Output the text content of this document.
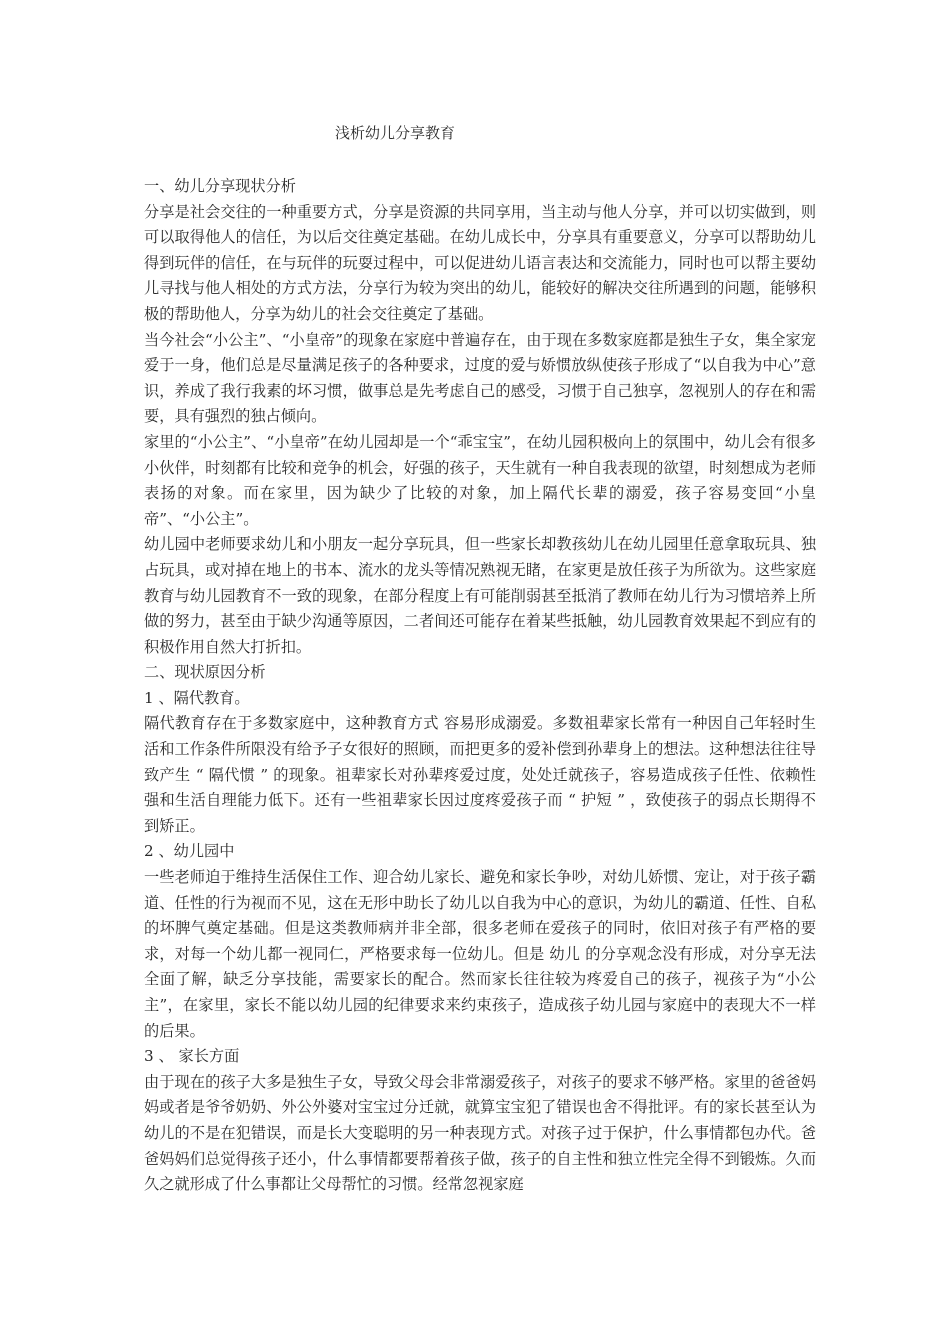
浅析幼儿分享教育

一、幼儿分享现状分析

分享是社会交往的一种重要方式，分享是资源的共同享用，当主动与他人分享，并可以切实做到，则可以取得他人的信任，为以后交往奠定基础。在幼儿成长中，分享具有重要意义，分享可以帮助幼儿得到玩伴的信任，在与玩伴的玩耍过程中，可以促进幼儿语言表达和交流能力，同时也可以帮主要幼儿寻找与他人相处的方式方法，分享行为较为突出的幼儿，能较好的解决交往所遇到的问题，能够积极的帮助他人，分享为幼儿的社会交往奠定了基础。

当今社会“小公主”、“小皇帝”的现象在家庭中普遍存在，由于现在多数家庭都是独生子女，集全家宠爱于一身，他们总是尽量满足孩子的各种要求，过度的爱与娇惯放纵使孩子形成了“以自我为中心”意识，养成了我行我素的坏习惯，做事总是先考虑自己的感受，习惯于自己独享，忽视别人的存在和需要，具有强烈的独占倾向。

家里的“小公主”、“小皇帝”在幼儿园却是一个“乖宝宝”，在幼儿园积极向上的氛围中，幼儿会有很多小伙伴，时刻都有比较和竞争的机会，好强的孩子，天生就有一种自我表现的欲望，时刻想成为老师表扬的对象。而在家里，因为缺少了比较的对象，加上隔代长辈的溺爱，孩子容易变回“小皇帝”、“小公主”。

幼儿园中老师要求幼儿和小朋友一起分享玩具，但一些家长却教孩幼儿在幼儿园里任意拿取玩具、独占玩具，或对掉在地上的书本、流水的龙头等情况熟视无睹，在家更是放任孩子为所欲为。这些家庭教育与幼儿园教育不一致的现象，在部分程度上有可能削弱甚至抵消了教师在幼儿行为习惯培养上所做的努力，甚至由于缺少沟通等原因，二者间还可能存在着某些抵触，幼儿园教育效果起不到应有的积极作用自然大打折扣。

二、现状原因分析

1 、隔代教育。

隔代教育存在于多数家庭中，这种教育方式 容易形成溺爱。多数祖辈家长常有一种因自己年轻时生活和工作条件所限没有给予子女很好的照顾，而把更多的爱补偿到孙辈身上的想法。这种想法往往导致产生 “ 隔代惯 ” 的现象。祖辈家长对孙辈疼爱过度，处处迁就孩子，容易造成孩子任性、依赖性强和生活自理能力低下。还有一些祖辈家长因过度疼爱孩子而 “ 护短 ” ，致使孩子的弱点长期得不到矫正。

2 、幼儿园中

一些老师迫于维持生活保住工作、迎合幼儿家长、避免和家长争吵，对幼儿娇惯、宠让，对于孩子霸道、任性的行为视而不见，这在无形中助长了幼儿以自我为中心的意识，为幼儿的霸道、任性、自私的坏脾气奠定基础。但是这类教师病并非全部，很多老师在爱孩子的同时，依旧对孩子有严格的要求，对每一个幼儿都一视同仁，严格要求每一位幼儿。但是 幼儿 的分享观念没有形成，对分享无法全面了解，缺乏分享技能，需要家长的配合。然而家长往往较为疼爱自己的孩子，视孩子为“小公主”，在家里，家长不能以幼儿园的纪律要求来约束孩子，造成孩子幼儿园与家庭中的表现大不一样的后果。

3 、 家长方面

由于现在的孩子大多是独生子女，导致父母会非常溺爱孩子，对孩子的要求不够严格。家里的爸爸妈妈或者是爷爷奶奶、外公外婆对宝宝过分迁就，就算宝宝犯了错误也舍不得批评。有的家长甚至认为幼儿的不是在犯错误，而是长大变聪明的另一种表现方式。对孩子过于保护，什么事情都包办代。爸爸妈妈们总觉得孩子还小，什么事情都要帮着孩子做，孩子的自主性和独立性完全得不到锻炼。久而久之就形成了什么事都让父母帮忙的习惯。经常忽视家庭
